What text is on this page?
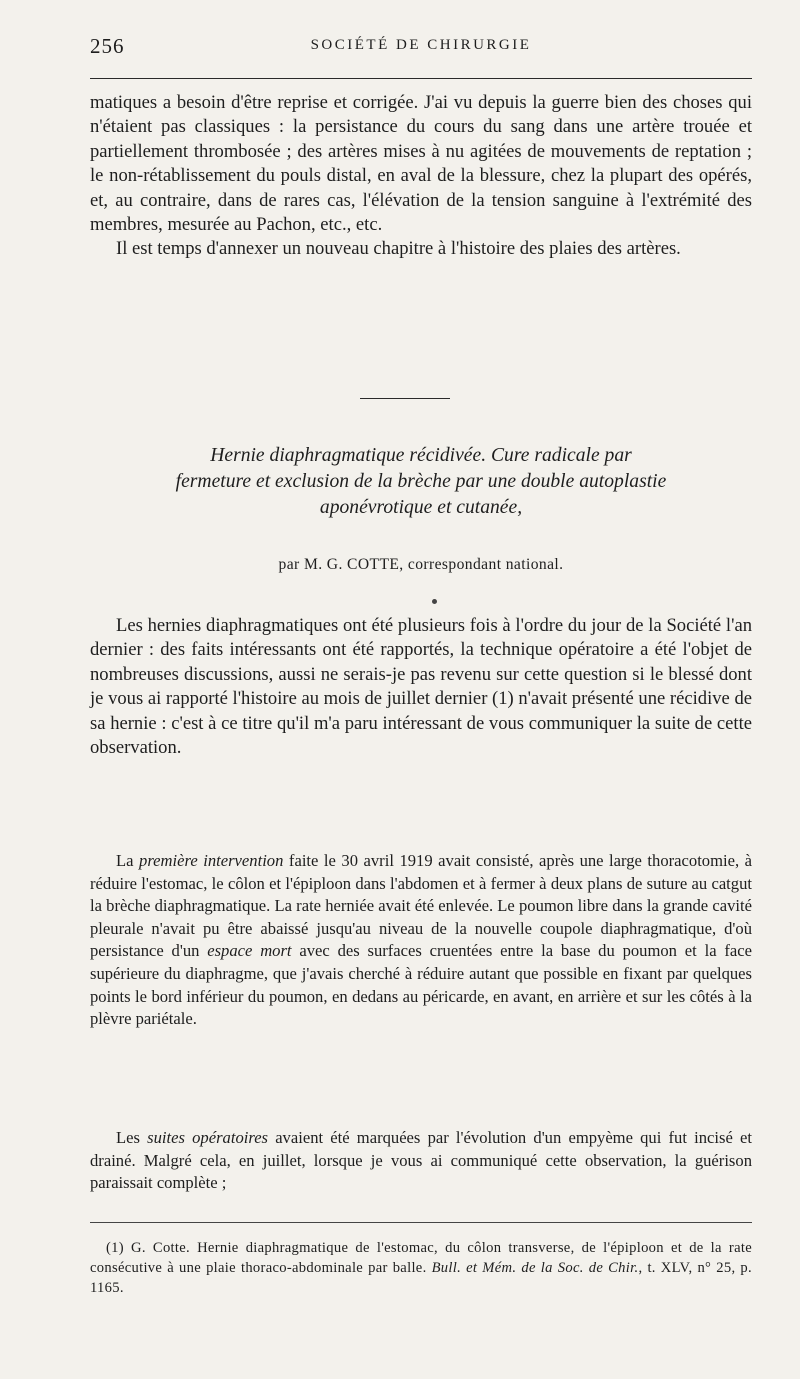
256	SOCIÉTÉ DE CHIRURGIE

matiques a besoin d'être reprise et corrigée. J'ai vu depuis la guerre bien des choses qui n'étaient pas classiques : la persistance du cours du sang dans une artère trouée et partiellement thrombosée ; des artères mises à nu agitées de mouvements de reptation ; le non-rétablissement du pouls distal, en aval de la blessure, chez la plupart des opérés, et, au contraire, dans de rares cas, l'élévation de la tension sanguine à l'extrémité des membres, mesurée au Pachon, etc., etc.

Il est temps d'annexer un nouveau chapitre à l'histoire des plaies des artères.

Hernie diaphragmatique récidivée. Cure radicale par
fermeture et exclusion de la brèche par une double autoplastie
aponévrotique et cutanée,
par M. G. COTTE, correspondant national.

Les hernies diaphragmatiques ont été plusieurs fois à l'ordre du jour de la Société l'an dernier : des faits intéressants ont été rapportés, la technique opératoire a été l'objet de nombreuses discussions, aussi ne serais-je pas revenu sur cette question si le blessé dont je vous ai rapporté l'histoire au mois de juillet dernier (1) n'avait présenté une récidive de sa hernie : c'est à ce titre qu'il m'a paru intéressant de vous communiquer la suite de cette observation.

La première intervention faite le 30 avril 1919 avait consisté, après une large thoracotomie, à réduire l'estomac, le côlon et l'épiploon dans l'abdomen et à fermer à deux plans de suture au catgut la brèche diaphragmatique. La rate herniée avait été enlevée. Le poumon libre dans la grande cavité pleurale n'avait pu être abaissé jusqu'au niveau de la nouvelle coupole diaphragmatique, d'où persistance d'un espace mort avec des surfaces cruentées entre la base du poumon et la face supérieure du diaphragme, que j'avais cherché à réduire autant que possible en fixant par quelques points le bord inférieur du poumon, en dedans au péricarde, en avant, en arrière et sur les côtés à la plèvre pariétale.

Les suites opératoires avaient été marquées par l'évolution d'un empyème qui fut incisé et drainé. Malgré cela, en juillet, lorsque je vous ai communiqué cette observation, la guérison paraissait complète ;

(1) G. Cotte. Hernie diaphragmatique de l'estomac, du côlon transverse, de l'épiploon et de la rate consécutive à une plaie thoraco-abdominale par balle. Bull. et Mém. de la Soc. de Chir., t. XLV, n° 25, p. 1165.
